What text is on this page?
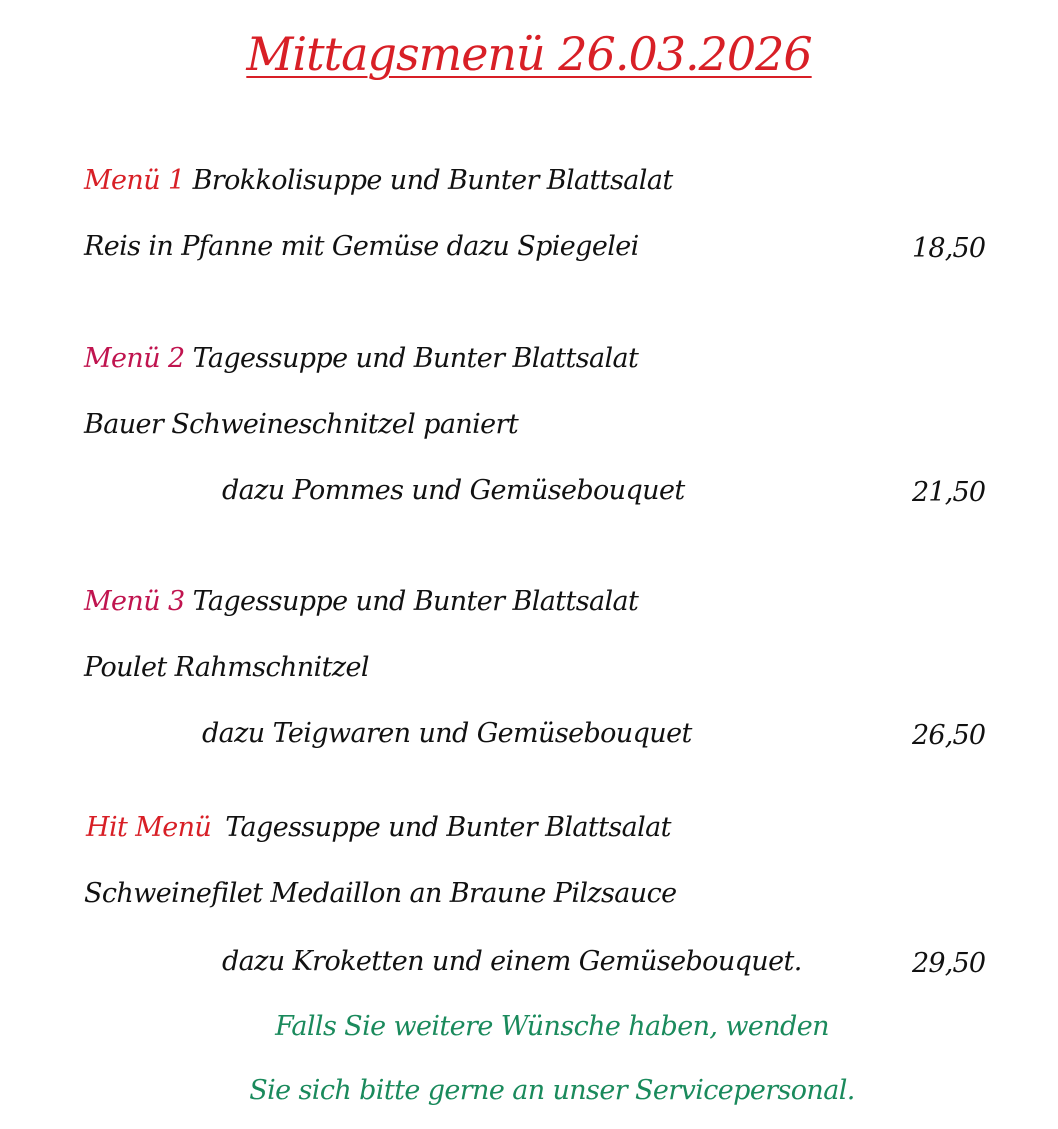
Mittagsmenü 26.03.2026
Menü 1 Brokkolisuppe und Bunter Blattsalat
Reis in Pfanne mit Gemüse dazu Spiegelei	18,50
Menü 2 Tagessuppe und Bunter Blattsalat
Bauer Schweineschnitzel paniert
dazu Pommes und Gemüsebouquet	21,50
Menü 3 Tagessuppe und Bunter Blattsalat
Poulet Rahmschnitzel
dazu Teigwaren und Gemüsebouquet	26,50
Hit Menü Tagessuppe und Bunter Blattsalat
Schweinefilet Medaillon an Braune Pilzsauce
dazu Kroketten und einem Gemüsebouquet.	29,50
Falls Sie weitere Wünsche haben, wenden
Sie sich bitte gerne an unser Servicepersonal.
